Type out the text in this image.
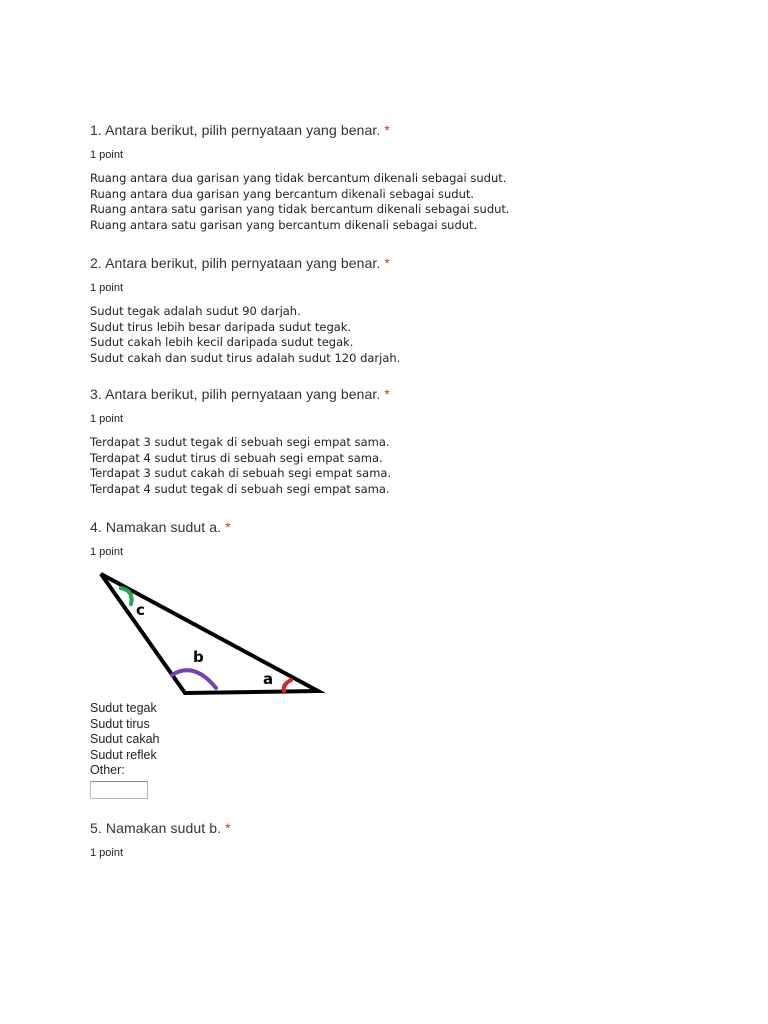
1. Antara berikut, pilih pernyataan yang benar. *
1 point
Ruang antara dua garisan yang tidak bercantum dikenali sebagai sudut.
Ruang antara dua garisan yang bercantum dikenali sebagai sudut.
Ruang antara satu garisan yang tidak bercantum dikenali sebagai sudut.
Ruang antara satu garisan yang bercantum dikenali sebagai sudut.
2. Antara berikut, pilih pernyataan yang benar. *
1 point
Sudut tegak adalah sudut 90 darjah.
Sudut tirus lebih besar daripada sudut tegak.
Sudut cakah lebih kecil daripada sudut tegak.
Sudut cakah dan sudut tirus adalah sudut 120 darjah.
3. Antara berikut, pilih pernyataan yang benar. *
1 point
Terdapat 3 sudut tegak di sebuah segi empat sama.
Terdapat 4 sudut tirus di sebuah segi empat sama.
Terdapat 3 sudut cakah di sebuah segi empat sama.
Terdapat 4 sudut tegak di sebuah segi empat sama.
4. Namakan sudut a. *
1 point
c
b
a
Sudut tegak
Sudut tirus
Sudut cakah
Sudut reflek
Other:
5. Namakan sudut b. *
1 point
